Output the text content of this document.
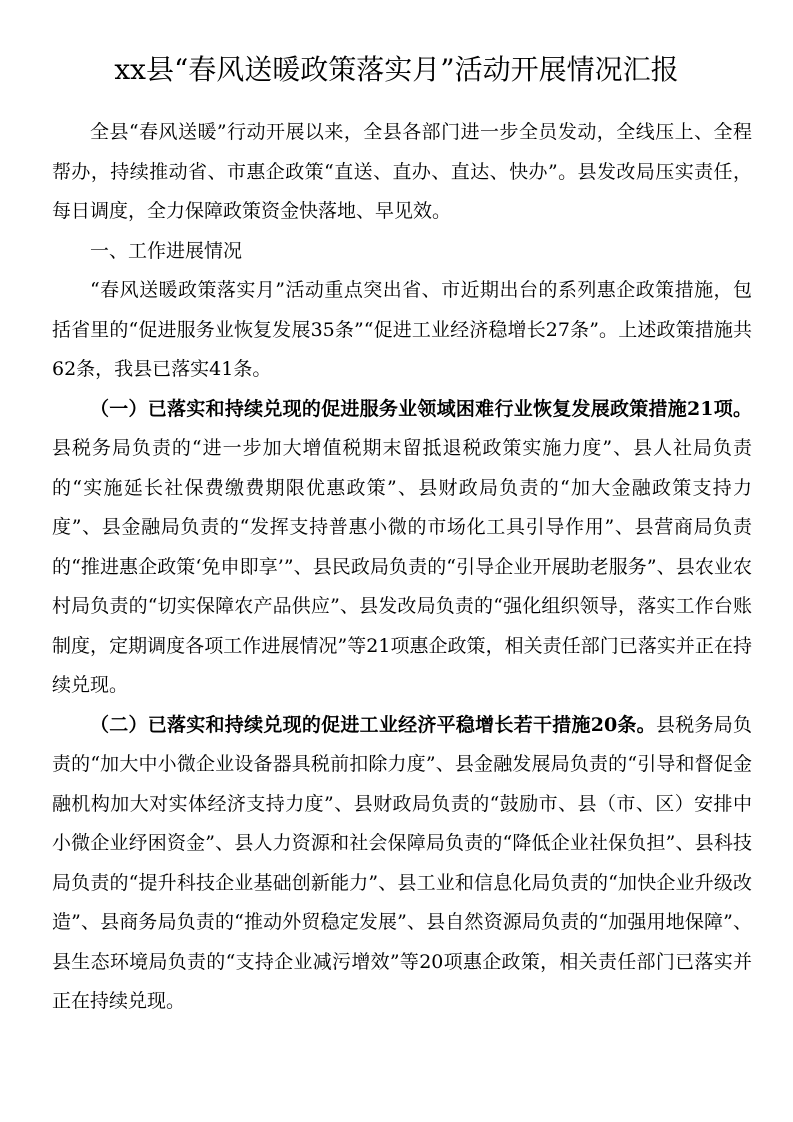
xx县“春风送暖政策落实月”活动开展情况汇报

全县“春风送暖”行动开展以来，全县各部门进一步全员发动，全线压上、全程帮办，持续推动省、市惠企政策“直送、直办、直达、快办”。县发改局压实责任，每日调度，全力保障政策资金快落地、早见效。

一、工作进展情况

“春风送暖政策落实月”活动重点突出省、市近期出台的系列惠企政策措施，包括省里的“促进服务业恢复发展35条”“促进工业经济稳增长27条”。上述政策措施共62条，我县已落实41条。

（一）已落实和持续兑现的促进服务业领域困难行业恢复发展政策措施21项。县税务局负责的“进一步加大增值税期末留抵退税政策实施力度”、县人社局负责的“实施延长社保费缴费期限优惠政策”、县财政局负责的“加大金融政策支持力度”、县金融局负责的“发挥支持普惠小微的市场化工具引导作用”、县营商局负责的“推进惠企政策‘免申即享’”、县民政局负责的“引导企业开展助老服务”、县农业农村局负责的“切实保障农产品供应”、县发改局负责的“强化组织领导，落实工作台账制度，定期调度各项工作进展情况”等21项惠企政策，相关责任部门已落实并正在持续兑现。

（二）已落实和持续兑现的促进工业经济平稳增长若干措施20条。县税务局负责的“加大中小微企业设备器具税前扣除力度”、县金融发展局负责的“引导和督促金融机构加大对实体经济支持力度”、县财政局负责的“鼓励市、县（市、区）安排中小微企业纾困资金”、县人力资源和社会保障局负责的“降低企业社保负担”、县科技局负责的“提升科技企业基础创新能力”、县工业和信息化局负责的“加快企业升级改造”、县商务局负责的“推动外贸稳定发展”、县自然资源局负责的“加强用地保障”、县生态环境局负责的“支持企业减污增效”等20项惠企政策，相关责任部门已落实并正在持续兑现。
